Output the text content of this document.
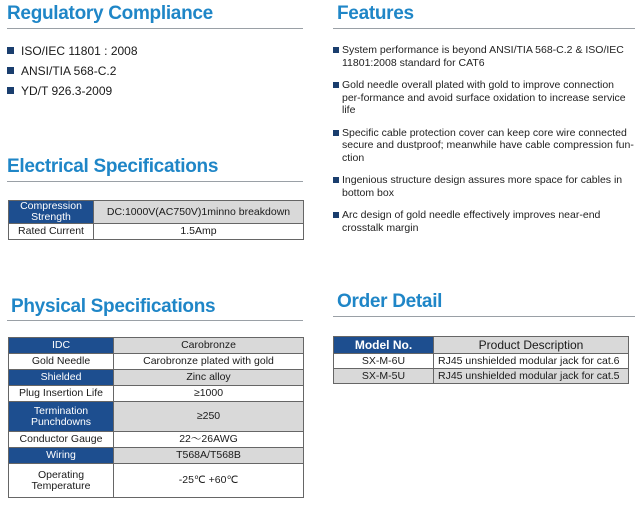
Regulatory Compliance
ISO/IEC 11801 : 2008
ANSI/TIA 568-C.2
YD/T 926.3-2009
Features
System performance is beyond ANSI/TIA 568-C.2 & ISO/IEC 11801:2008 standard for CAT6
Gold needle overall plated with gold to improve connection per-formance and avoid surface oxidation to increase service life
Specific cable protection cover can keep core wire connected secure and dustproof; meanwhile have cable compression fun-ction
Ingenious structure design assures more space for cables in bottom box
Arc design of gold needle effectively improves near-end crosstalk margin
Electrical Specifications
Compression Strength	DC:1000V(AC750V)1minno breakdown
Rated Current	1.5Amp
Physical Specifications
IDC	Carobronze
Gold Needle	Carobronze plated with gold
Shielded	Zinc alloy
Plug Insertion Life	≥1000
Termination Punchdowns	≥250
Conductor Gauge	22～26AWG
Wiring	T568A/T568B
Operating Temperature	-25℃ +60℃
Order Detail
Model No.	Product Description
SX-M-6U	RJ45 unshielded modular jack for cat.6
SX-M-5U	RJ45 unshielded modular jack for cat.5
